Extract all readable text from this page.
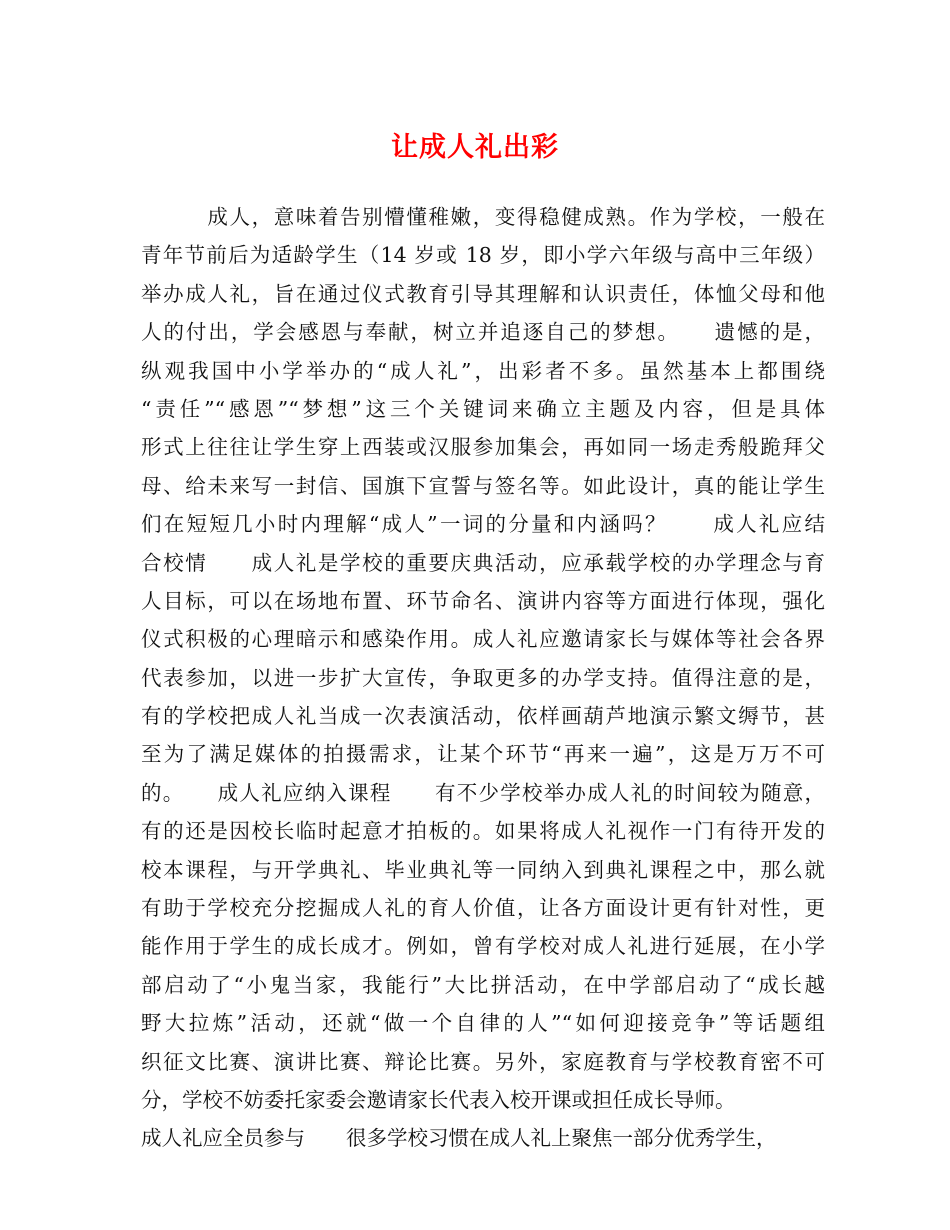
让成人礼出彩
　　　成人，意味着告别懵懂稚嫩，变得稳健成熟。作为学校，一般在
青年节前后为适龄学生（14 岁或 18 岁，即小学六年级与高中三年级）
举办成人礼，旨在通过仪式教育引导其理解和认识责任，体恤父母和他
人的付出，学会感恩与奉献，树立并追逐自己的梦想。　　遗憾的是，
纵观我国中小学举办的“成人礼”，出彩者不多。虽然基本上都围绕
“责任”“感恩”“梦想”这三个关键词来确立主题及内容，但是具体
形式上往往让学生穿上西装或汉服参加集会，再如同一场走秀般跪拜父
母、给未来写一封信、国旗下宣誓与签名等。如此设计，真的能让学生
们在短短几小时内理解“成人”一词的分量和内涵吗？　　成人礼应结
合校情　　成人礼是学校的重要庆典活动，应承载学校的办学理念与育
人目标，可以在场地布置、环节命名、演讲内容等方面进行体现，强化
仪式积极的心理暗示和感染作用。成人礼应邀请家长与媒体等社会各界
代表参加，以进一步扩大宣传，争取更多的办学支持。值得注意的是，
有的学校把成人礼当成一次表演活动，依样画葫芦地演示繁文缛节，甚
至为了满足媒体的拍摄需求，让某个环节“再来一遍”，这是万万不可
的。　　成人礼应纳入课程　　有不少学校举办成人礼的时间较为随意，
有的还是因校长临时起意才拍板的。如果将成人礼视作一门有待开发的
校本课程，与开学典礼、毕业典礼等一同纳入到典礼课程之中，那么就
有助于学校充分挖掘成人礼的育人价值，让各方面设计更有针对性，更
能作用于学生的成长成才。例如，曾有学校对成人礼进行延展，在小学
部启动了“小鬼当家，我能行”大比拼活动，在中学部启动了“成长越
野大拉炼”活动，还就“做一个自律的人”“如何迎接竞争”等话题组
织征文比赛、演讲比赛、辩论比赛。另外，家庭教育与学校教育密不可
分，学校不妨委托家委会邀请家长代表入校开课或担任成长导师。
成人礼应全员参与　　很多学校习惯在成人礼上聚焦一部分优秀学生，
